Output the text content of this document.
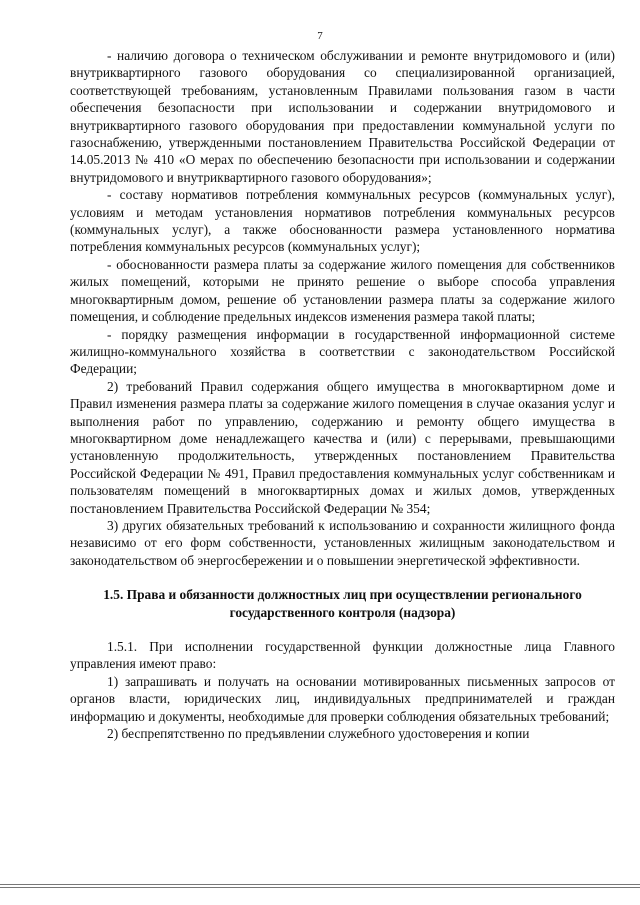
7

- наличию договора о техническом обслуживании и ремонте внутридомового и (или) внутриквартирного газового оборудования со специализированной организацией, соответствующей требованиям, установленным Правилами пользования газом в части обеспечения безопасности при использовании и содержании внутридомового и внутриквартирного газового оборудования при предоставлении коммунальной услуги по газоснабжению, утвержденными постановлением Правительства Российской Федерации от 14.05.2013 № 410 «О мерах по обеспечению безопасности при использовании и содержании внутридомового и внутриквартирного газового оборудования»;

- составу нормативов потребления коммунальных ресурсов (коммунальных услуг), условиям и методам установления нормативов потребления коммунальных ресурсов (коммунальных услуг), а также обоснованности размера установленного норматива потребления коммунальных ресурсов (коммунальных услуг);

- обоснованности размера платы за содержание жилого помещения для собственников жилых помещений, которыми не принято решение о выборе способа управления многоквартирным домом, решение об установлении размера платы за содержание жилого помещения, и соблюдение предельных индексов изменения размера такой платы;

- порядку размещения информации в государственной информационной системе жилищно-коммунального хозяйства в соответствии с законодательством Российской Федерации;

2) требований Правил содержания общего имущества в многоквартирном доме и Правил изменения размера платы за содержание жилого помещения в случае оказания услуг и выполнения работ по управлению, содержанию и ремонту общего имущества в многоквартирном доме ненадлежащего качества и (или) с перерывами, превышающими установленную продолжительность, утвержденных постановлением Правительства Российской Федерации № 491, Правил предоставления коммунальных услуг собственникам и пользователям помещений в многоквартирных домах и жилых домов, утвержденных постановлением Правительства Российской Федерации № 354;

3) других обязательных требований к использованию и сохранности жилищного фонда независимо от его форм собственности, установленных жилищным законодательством и законодательством об энергосбережении и о повышении энергетической эффективности.

1.5. Права и обязанности должностных лиц при осуществлении регионального государственного контроля (надзора)

1.5.1. При исполнении государственной функции должностные лица Главного управления имеют право:

1) запрашивать и получать на основании мотивированных письменных запросов от органов власти, юридических лиц, индивидуальных предпринимателей и граждан информацию и документы, необходимые для проверки соблюдения обязательных требований;

2) беспрепятственно по предъявлении служебного удостоверения и копии
